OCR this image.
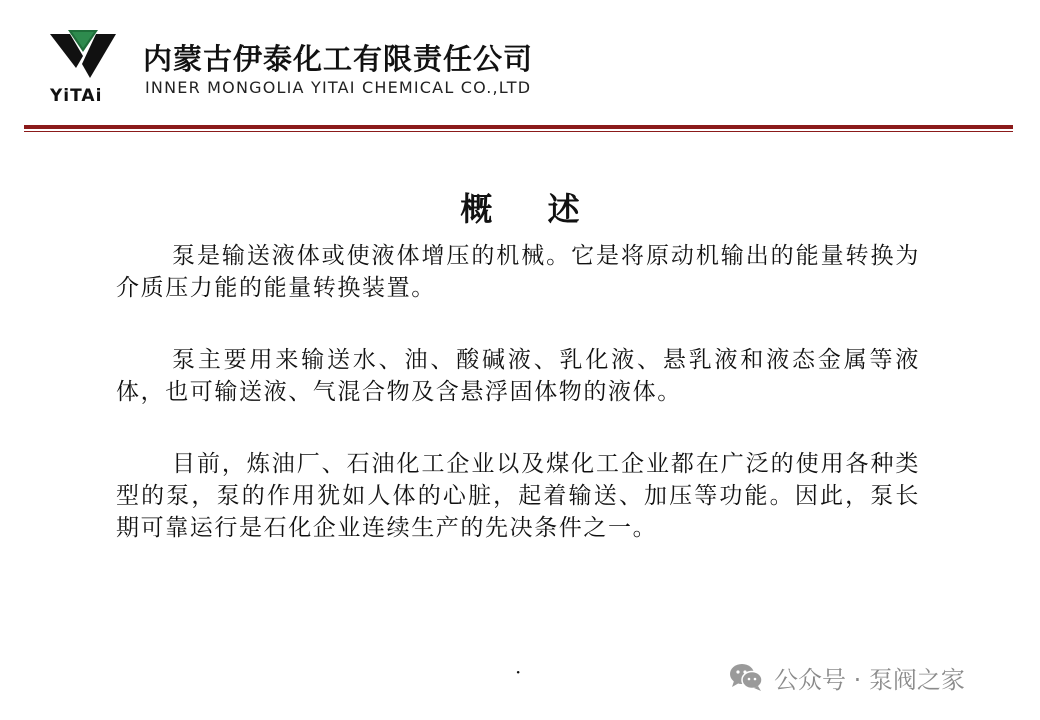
YiTAi
内蒙古伊泰化工有限责任公司
INNER MONGOLIA YITAI CHEMICAL CO.,LTD
概 述

泵是输送液体或使液体增压的机械。它是将原动机输出的能量转换为介质压力能的能量转换装置。

泵主要用来输送水、油、酸碱液、乳化液、悬乳液和液态金属等液体，也可输送液、气混合物及含悬浮固体物的液体。

目前，炼油厂、石油化工企业以及煤化工企业都在广泛的使用各种类型的泵，泵的作用犹如人体的心脏，起着输送、加压等功能。因此，泵长期可靠运行是石化企业连续生产的先决条件之一。

·	公众号 · 泵阀之家
